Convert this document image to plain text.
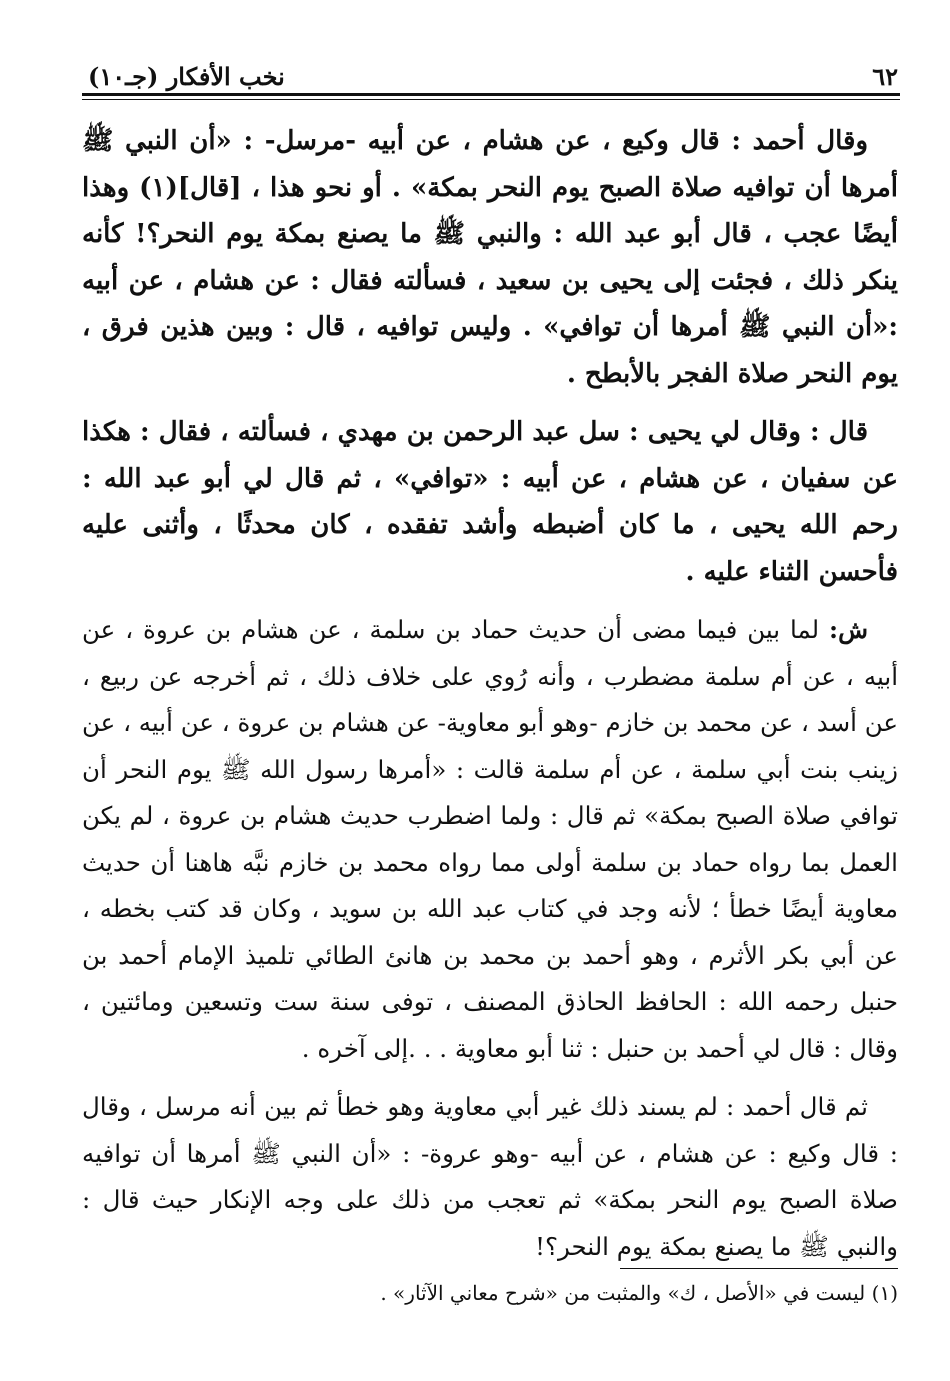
٦٢
نخب الأفكار (جـ١٠)

وقال أحمد : قال وكيع ، عن هشام ، عن أبيه -مرسل- : «أن النبي ﷺ أمرها أن توافيه صلاة الصبح يوم النحر بمكة» . أو نحو هذا ، [قال](١) وهذا أيضًا عجب ، قال أبو عبد الله : والنبي ﷺ ما يصنع بمكة يوم النحر؟! كأنه ينكر ذلك ، فجئت إلى يحيى بن سعيد ، فسألته فقال : عن هشام ، عن أبيه :«أن النبي ﷺ أمرها أن توافي» . وليس توافيه ، قال : وبين هذين فرق ، يوم النحر صلاة الفجر بالأبطح .

قال : وقال لي يحيى : سل عبد الرحمن بن مهدي ، فسألته ، فقال : هكذا عن سفيان ، عن هشام ، عن أبيه : «توافي» ، ثم قال لي أبو عبد الله : رحم الله يحيى ، ما كان أضبطه وأشد تفقده ، كان محدثًا ، وأثنى عليه فأحسن الثناء عليه .

ش: لما بين فيما مضى أن حديث حماد بن سلمة ، عن هشام بن عروة ، عن أبيه ، عن أم سلمة مضطرب ، وأنه رُوي على خلاف ذلك ، ثم أخرجه عن ربيع ، عن أسد ، عن محمد بن خازم -وهو أبو معاوية- عن هشام بن عروة ، عن أبيه ، عن زينب بنت أبي سلمة ، عن أم سلمة قالت : «أمرها رسول الله ﷺ يوم النحر أن توافي صلاة الصبح بمكة» ثم قال : ولما اضطرب حديث هشام بن عروة ، لم يكن العمل بما رواه حماد بن سلمة أولى مما رواه محمد بن خازم نبَّه هاهنا أن حديث معاوية أيضًا خطأ ؛ لأنه وجد في كتاب عبد الله بن سويد ، وكان قد كتب بخطه ، عن أبي بكر الأثرم ، وهو أحمد بن محمد بن هانئ الطائي تلميذ الإمام أحمد بن حنبل رحمه الله : الحافظ الحاذق المصنف ، توفى سنة ست وتسعين ومائتين ، وقال : قال لي أحمد بن حنبل : ثنا أبو معاوية . . .إلى آخره .

ثم قال أحمد : لم يسند ذلك غير أبي معاوية وهو خطأ ثم بين أنه مرسل ، وقال : قال وكيع : عن هشام ، عن أبيه -وهو عروة- : «أن النبي ﷺ أمرها أن توافيه صلاة الصبح يوم النحر بمكة» ثم تعجب من ذلك على وجه الإنكار حيث قال : والنبي ﷺ ما يصنع بمكة يوم النحر؟!

(١) ليست في «الأصل ، ك» والمثبت من «شرح معاني الآثار» .
